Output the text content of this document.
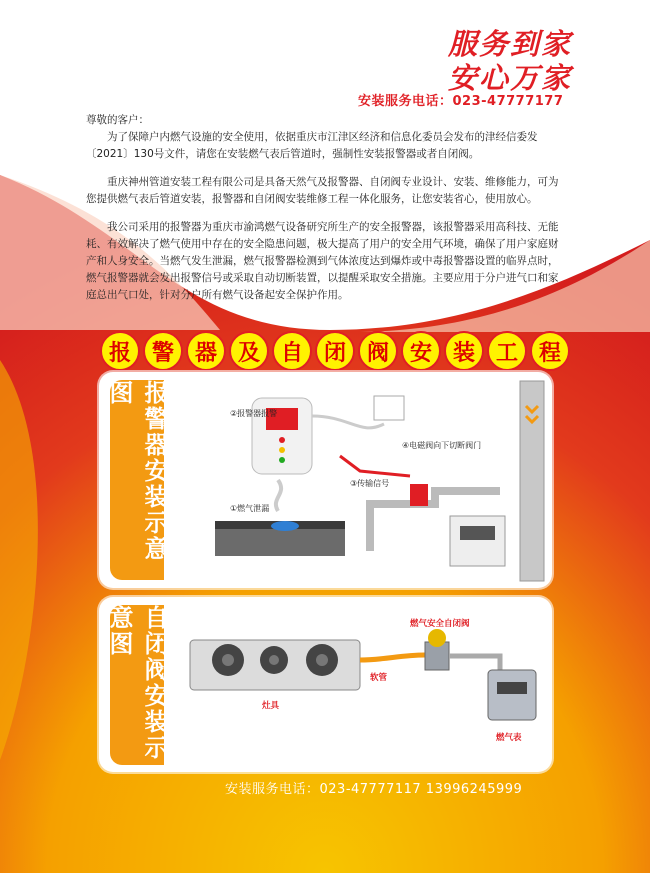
服务到家
安心万家
安装服务电话：023-47777177

尊敬的客户：

为了保障户内燃气设施的安全使用，依据重庆市江津区经济和信息化委员会发布的津经信委发〔2021〕130号文件，请您在安装燃气表后管道时，强制性安装报警器或者自闭阀。

重庆神州管道安装工程有限公司是具备天然气及报警器、自闭阀专业设计、安装、维修能力，可为您提供燃气表后管道安装，报警器和自闭阀安装维修工程一体化服务，让您安装省心，使用放心。

我公司采用的报警器为重庆市渝鸿燃气设备研究所生产的安全报警器，该报警器采用高科技、无能耗、有效解决了燃气使用中存在的安全隐患问题，极大提高了用户的安全用气环境，确保了用户家庭财产和人身安全。当燃气发生泄漏，燃气报警器检测到气体浓度达到爆炸或中毒报警器设置的临界点时，燃气报警器就会发出报警信号或采取自动切断装置，以提醒采取安全措施。主要应用于分户进气口和家庭总出气口处，针对分户所有燃气设备起安全保护作用。

报 警 器 及 自 闭 阀 安 装 工 程
报警器安装示意图
②报警器报警
①燃气泄漏
③传输信号
④电磁阀向下切断阀门
自闭阀安装示意图	燃气安全自闭阀
软管
灶具
燃气表
安装服务电话：023-47777117 13996245999
